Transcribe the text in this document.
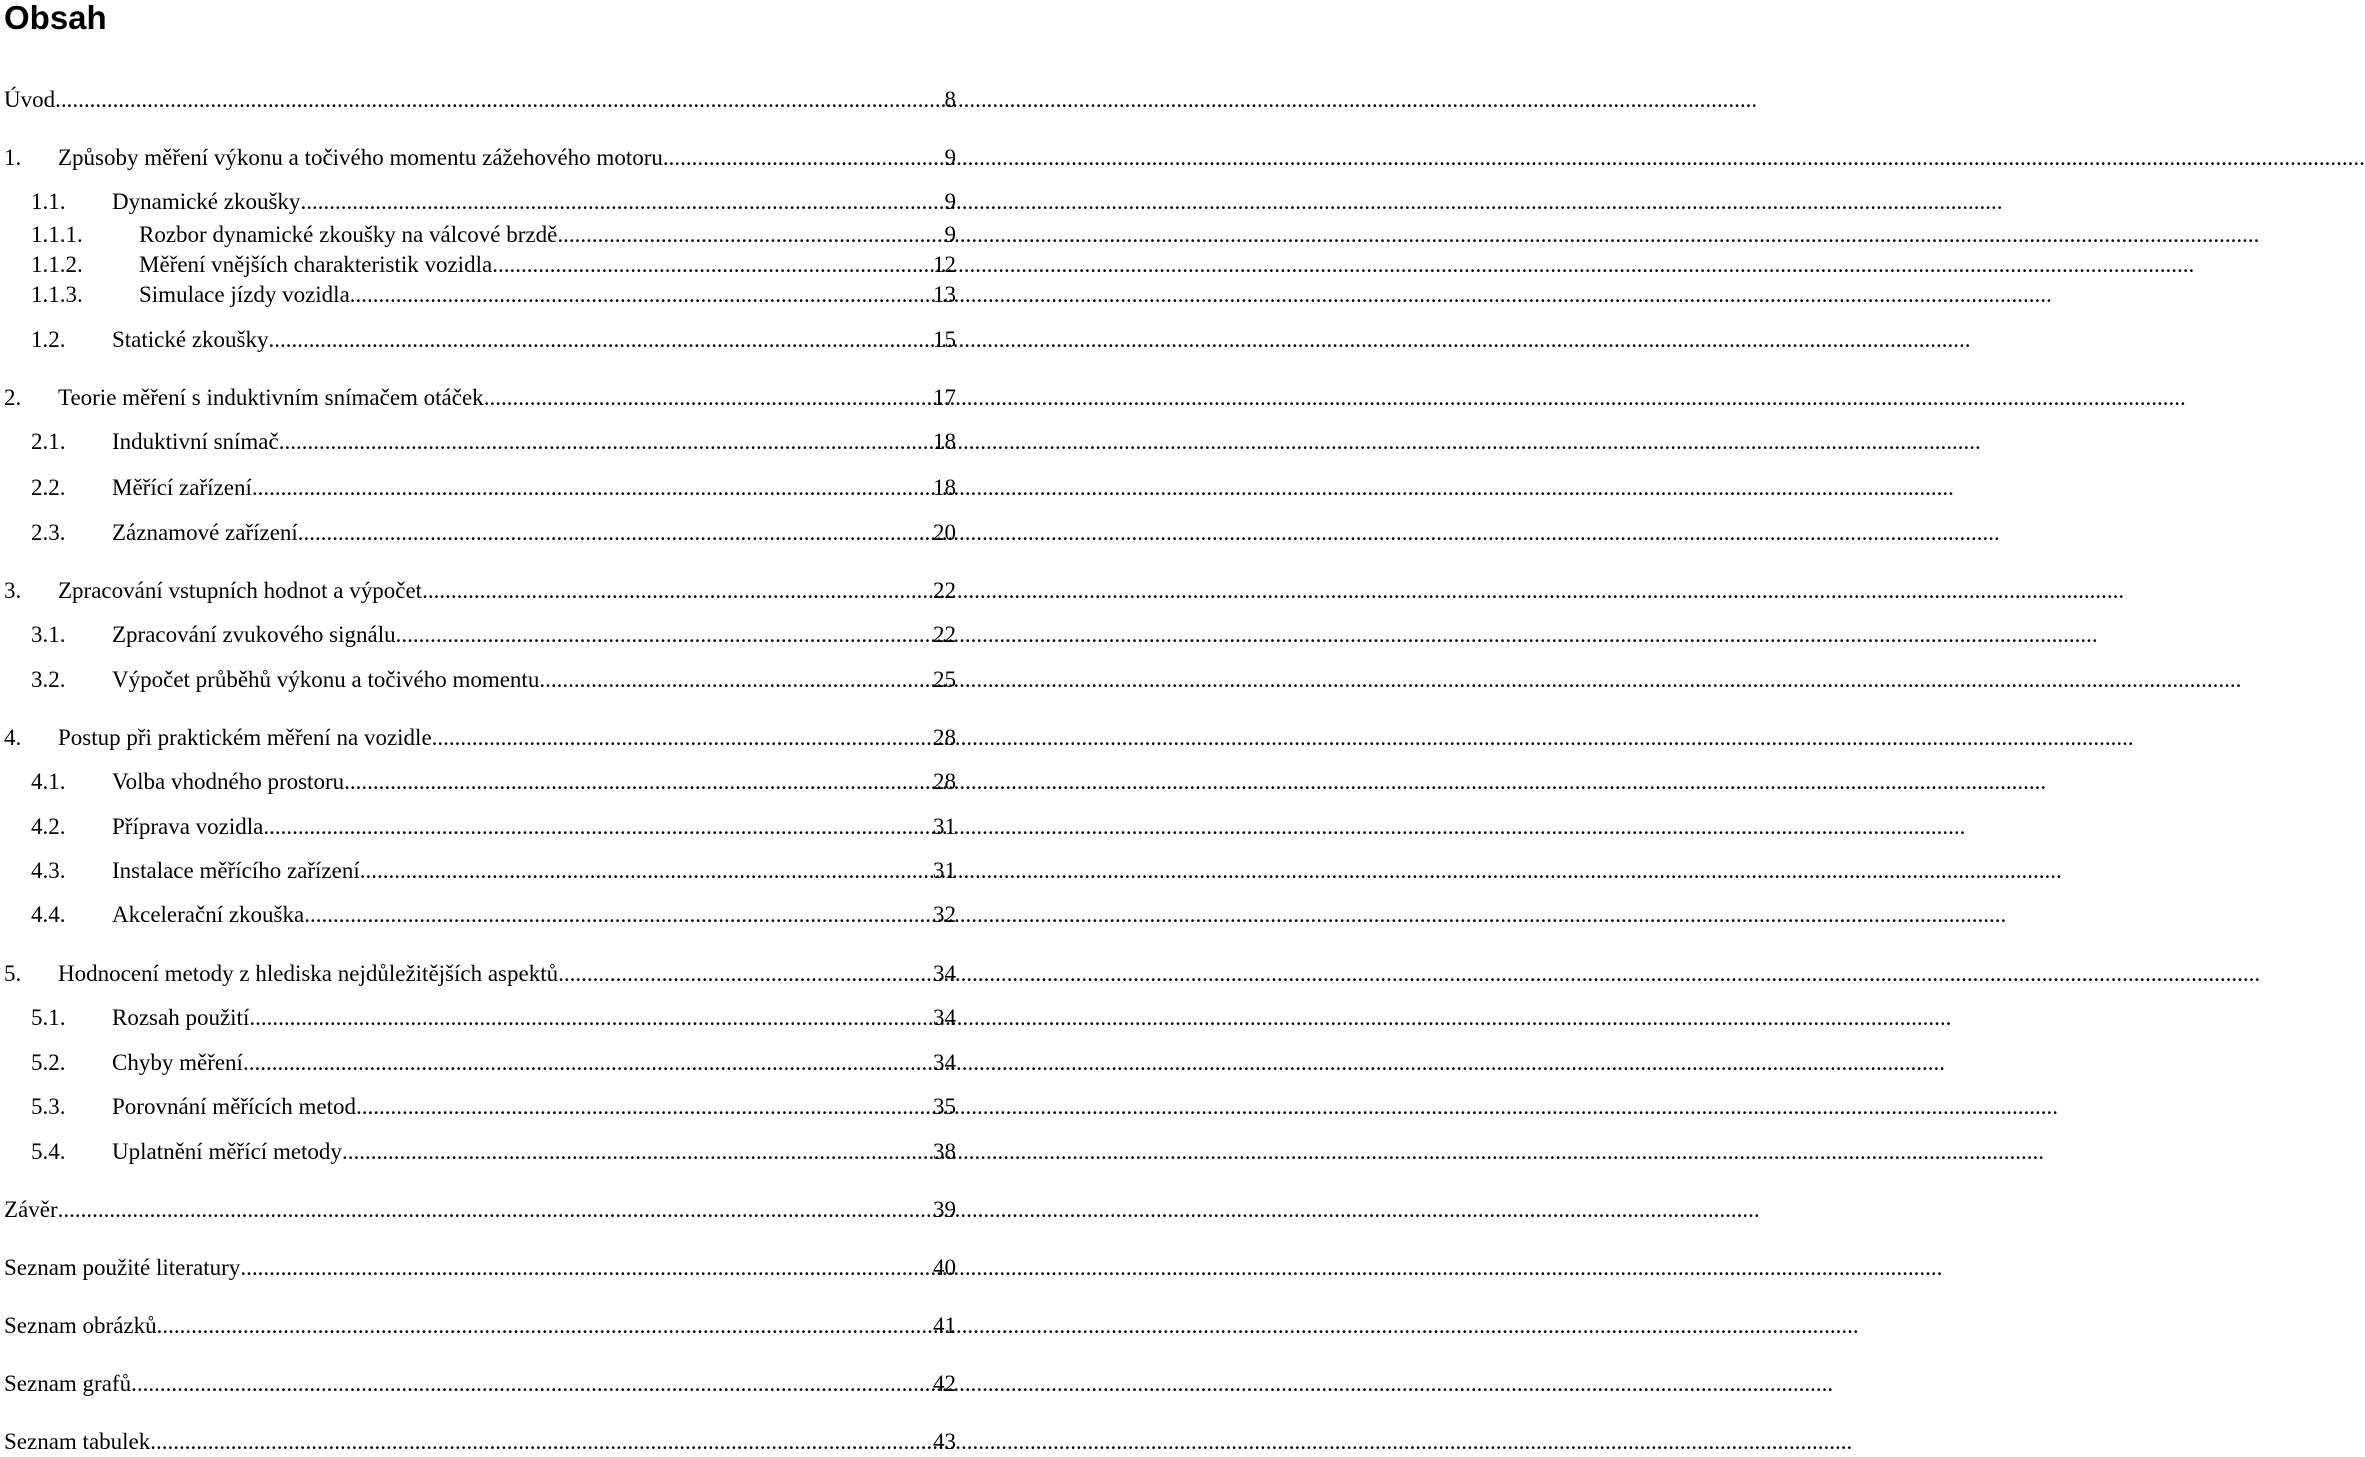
Obsah
Úvod .....	8
1.	Způsoby měření výkonu a točivého momentu zážehového motoru .....	9
1.1.	Dynamické zkoušky .....	9
1.1.1.	Rozbor dynamické zkoušky na válcové brzdě .....	9
1.1.2.	Měření vnějších charakteristik vozidla .....	12
1.1.3.	Simulace jízdy vozidla .....	13
1.2.	Statické zkoušky .....	15
2.	Teorie měření s induktivním snímačem otáček .....	17
2.1.	Induktivní snímač .....	18
2.2.	Měřící zařízení .....	18
2.3.	Záznamové zařízení .....	20
3.	Zpracování vstupních hodnot a výpočet .....	22
3.1.	Zpracování zvukového signálu .....	22
3.2.	Výpočet průběhů výkonu a točivého momentu .....	25
4.	Postup při praktickém měření na vozidle .....	28
4.1.	Volba vhodného prostoru .....	28
4.2.	Příprava vozidla .....	31
4.3.	Instalace měřícího zařízení .....	31
4.4.	Akcelerační zkouška .....	32
5.	Hodnocení metody z hlediska nejdůležitějších aspektů .....	34
5.1.	Rozsah použití .....	34
5.2.	Chyby měření .....	34
5.3.	Porovnání měřících metod .....	35
5.4.	Uplatnění měřící metody .....	38
Závěr .....	39
Seznam použité literatury .....	40
Seznam obrázků .....	41
Seznam grafů .....	42
Seznam tabulek .....	43
